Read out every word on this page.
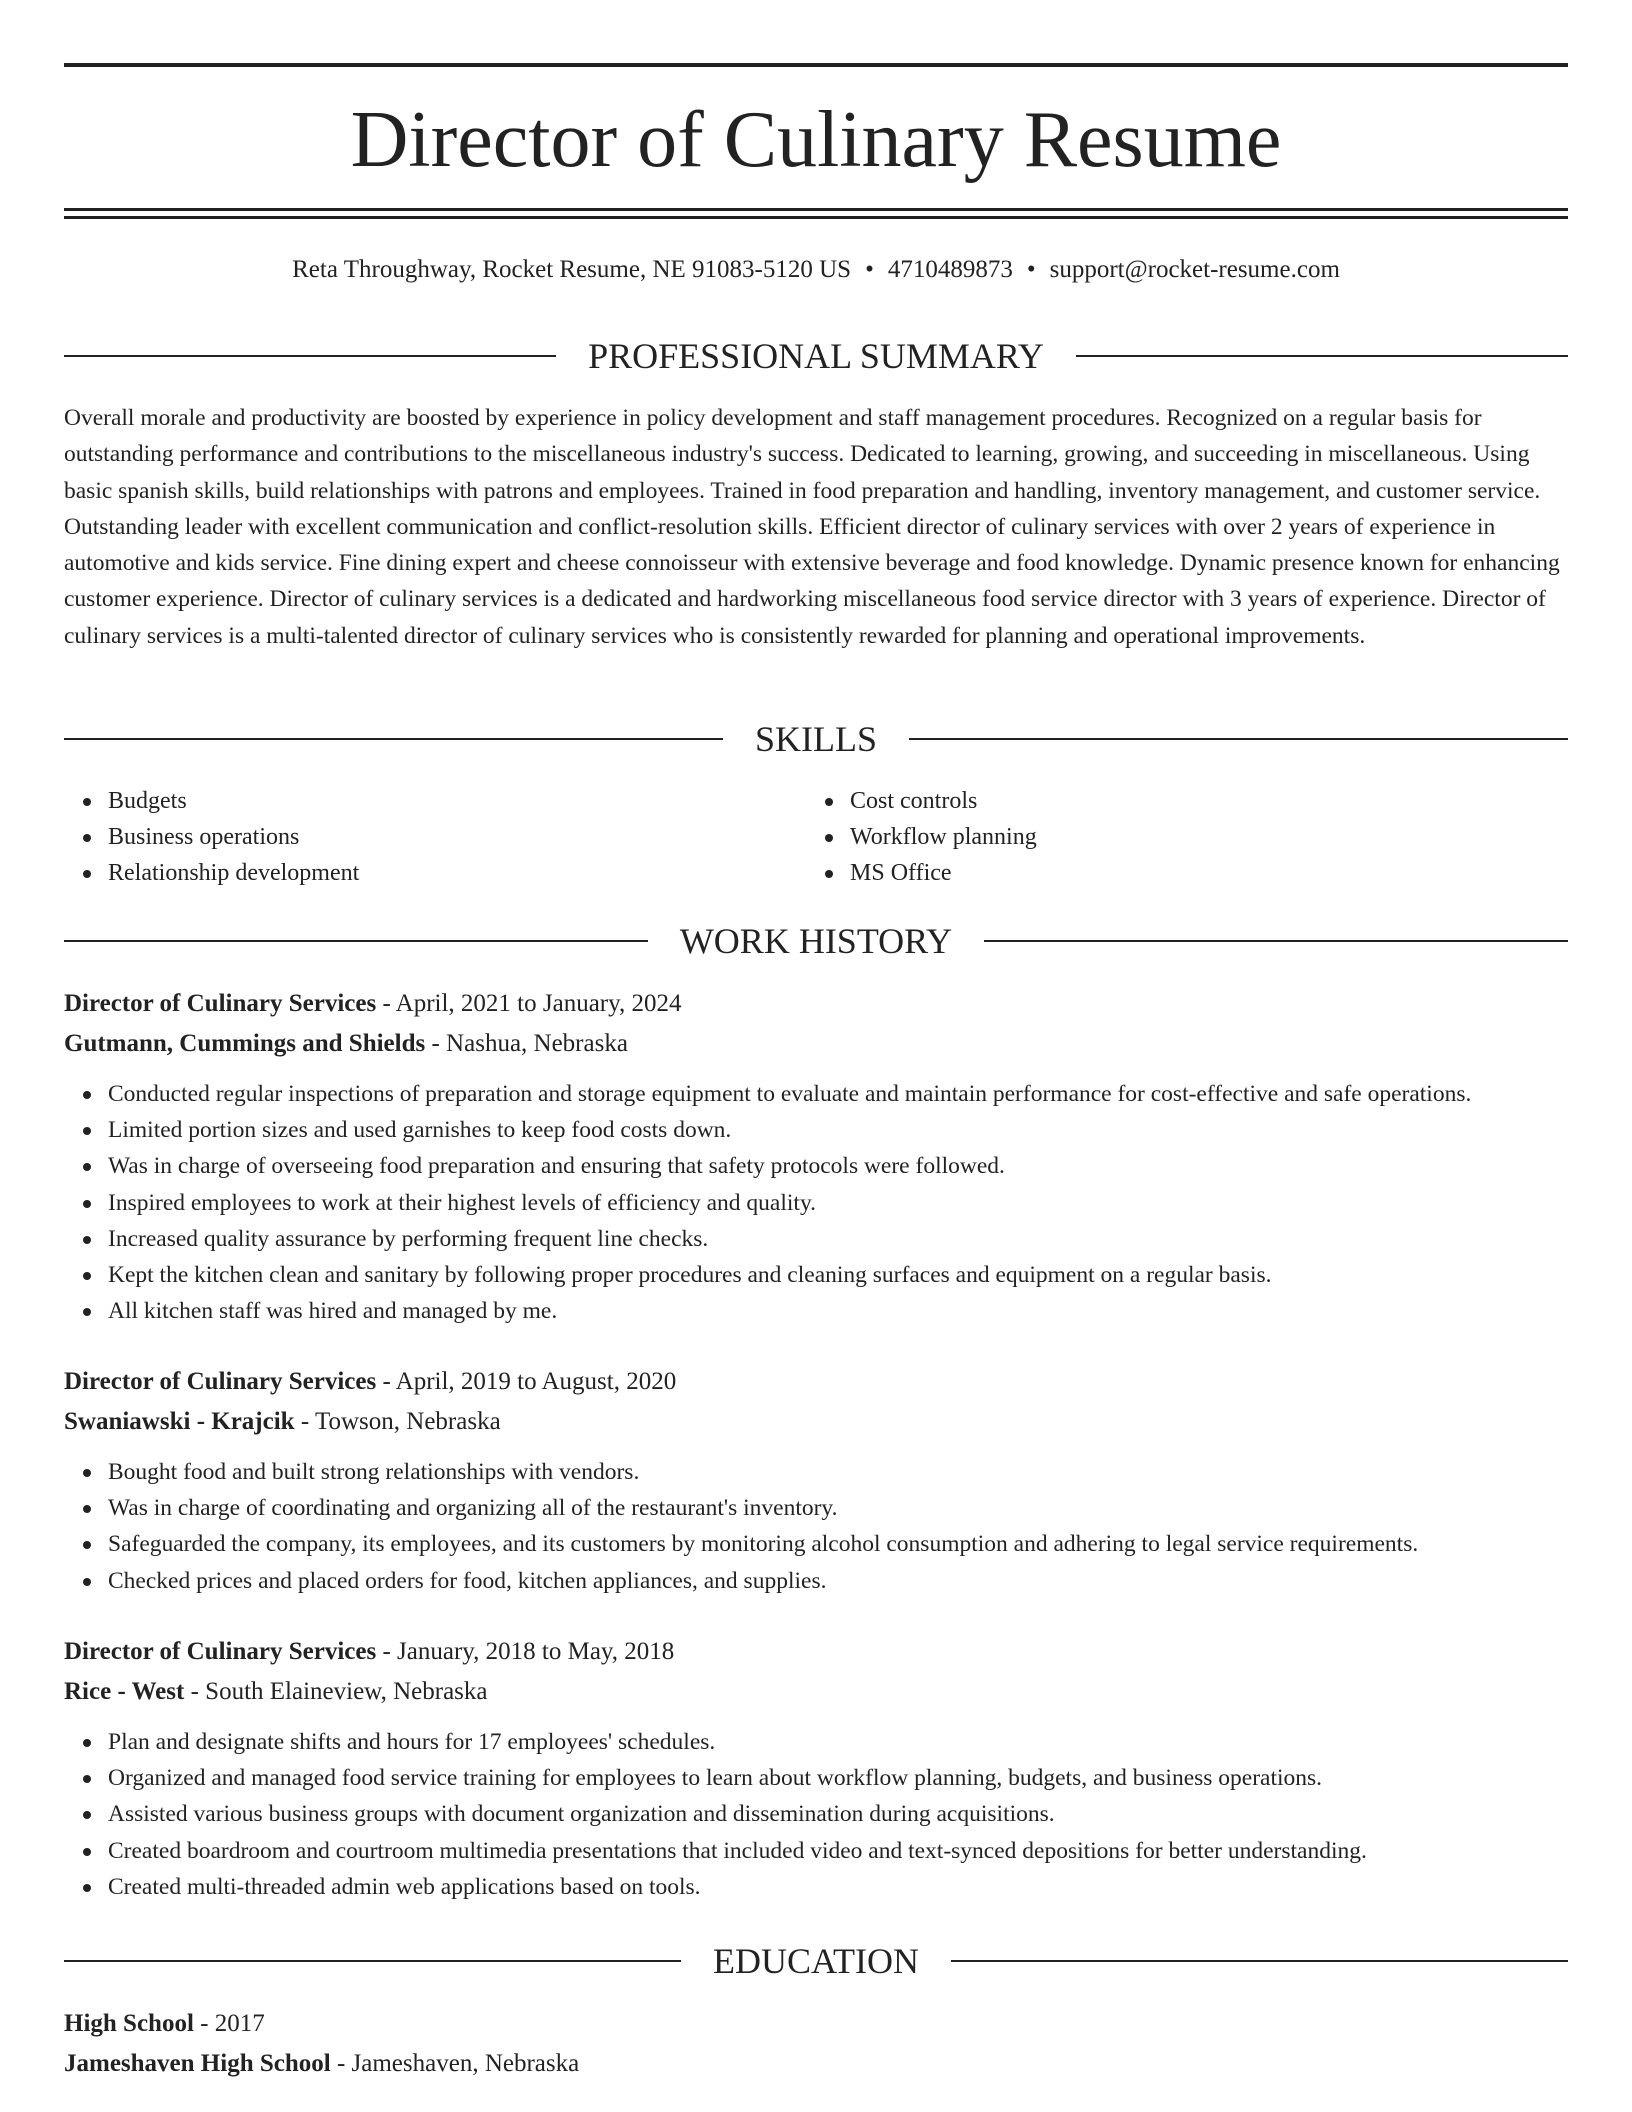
Director of Culinary Resume
Reta Throughway, Rocket Resume, NE 91083-5120 US • 4710489873 • support@rocket-resume.com
PROFESSIONAL SUMMARY

Overall morale and productivity are boosted by experience in policy development and staff management procedures. Recognized on a regular basis for outstanding performance and contributions to the miscellaneous industry's success. Dedicated to learning, growing, and succeeding in miscellaneous. Using basic spanish skills, build relationships with patrons and employees. Trained in food preparation and handling, inventory management, and customer service. Outstanding leader with excellent communication and conflict-resolution skills. Efficient director of culinary services with over 2 years of experience in automotive and kids service. Fine dining expert and cheese connoisseur with extensive beverage and food knowledge. Dynamic presence known for enhancing customer experience. Director of culinary services is a dedicated and hardworking miscellaneous food service director with 3 years of experience. Director of culinary services is a multi-talented director of culinary services who is consistently rewarded for planning and operational improvements.

SKILLS
Budgets
Business operations
Relationship development
Cost controls
Workflow planning
MS Office
WORK HISTORY
Director of Culinary Services - April, 2021 to January, 2024
Gutmann, Cummings and Shields - Nashua, Nebraska
Conducted regular inspections of preparation and storage equipment to evaluate and maintain performance for cost-effective and safe operations.
Limited portion sizes and used garnishes to keep food costs down.
Was in charge of overseeing food preparation and ensuring that safety protocols were followed.
Inspired employees to work at their highest levels of efficiency and quality.
Increased quality assurance by performing frequent line checks.
Kept the kitchen clean and sanitary by following proper procedures and cleaning surfaces and equipment on a regular basis.
All kitchen staff was hired and managed by me.
Director of Culinary Services - April, 2019 to August, 2020
Swaniawski - Krajcik - Towson, Nebraska
Bought food and built strong relationships with vendors.
Was in charge of coordinating and organizing all of the restaurant's inventory.
Safeguarded the company, its employees, and its customers by monitoring alcohol consumption and adhering to legal service requirements.
Checked prices and placed orders for food, kitchen appliances, and supplies.
Director of Culinary Services - January, 2018 to May, 2018
Rice - West - South Elaineview, Nebraska
Plan and designate shifts and hours for 17 employees' schedules.
Organized and managed food service training for employees to learn about workflow planning, budgets, and business operations.
Assisted various business groups with document organization and dissemination during acquisitions.
Created boardroom and courtroom multimedia presentations that included video and text-synced depositions for better understanding.
Created multi-threaded admin web applications based on tools.
EDUCATION
High School - 2017
Jameshaven High School - Jameshaven, Nebraska
